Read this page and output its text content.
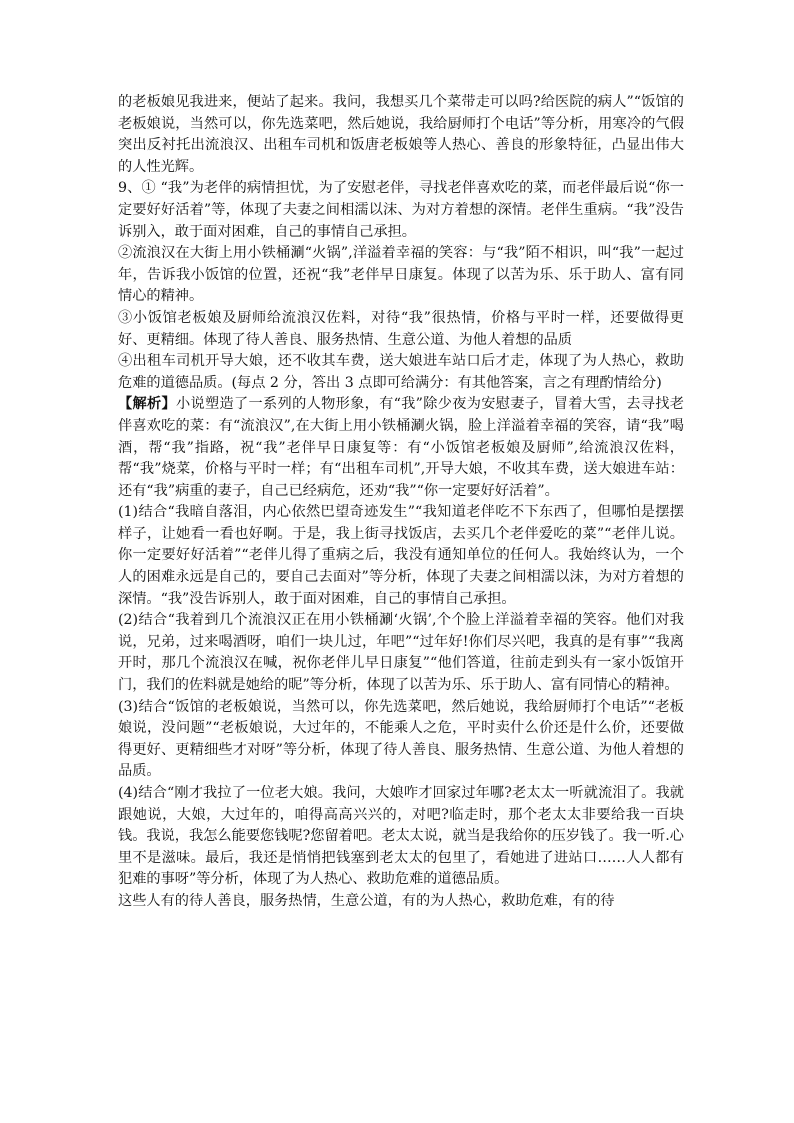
的老板娘见我进来，便站了起来。我问，我想买几个菜带走可以吗?给医院的病人”“饭馆的老板娘说，当然可以，你先选菜吧，然后她说，我给厨师打个电话”等分析，用寒冷的气假突出反衬托出流浪汉、出租车司机和饭唐老板娘等人热心、善良的形象特征，凸显出伟大的人性光辉。

9、① “我”为老伴的病情担忧，为了安慰老伴，寻找老伴喜欢吃的菜，而老伴最后说“你一定要好好活着”等，体现了夫妻之间相濡以沫、为对方着想的深情。老伴生重病。“我”没告诉别入，敢于面对困难，自己的事情自己承担。

②流浪汉在大街上用小铁桶涮“火锅”,洋溢着幸福的笑容：与“我”陌不相识，叫“我”一起过年，告诉我小饭馆的位置，还祝“我”老伴早日康复。体现了以苦为乐、乐于助人、富有同情心的精神。

③小饭馆老板娘及厨师给流浪汉佐料，对待“我”很热情，价格与平时一样，还要做得更好、更精细。体现了待人善良、服务热情、生意公道、为他人着想的品质

④出租车司机开导大娘，还不收其车费，送大娘进车站口后才走，体现了为人热心，救助危难的道德品质。(每点 2 分，答出 3 点即可给满分：有其他答案，言之有理酌情给分)

【解析】小说塑造了一系列的人物形象，有“我”除少夜为安慰妻子，冒着大雪，去寻找老伴喜欢吃的菜：有“流浪汉”,在大街上用小铁桶涮火锅，脸上洋溢着幸福的笑容，请“我”喝酒，帮“我”指路，祝“我”老伴早日康复等：有“小饭馆老板娘及厨师”,给流浪汉佐料，帮“我”烧菜，价格与平时一样；有“出租车司机”,开导大娘，不收其车费，送大娘进车站：还有“我”病重的妻子，自己已经病危，还劝“我”“你一定要好好活着”。

(1)结合“我暗自落泪，内心依然巴望奇迹发生”“我知道老伴吃不下东西了，但哪怕是摆摆样子，让她看一看也好啊。于是，我上街寻找饭店，去买几个老伴爱吃的菜”“老伴儿说。你一定要好好活着”“老伴儿得了重病之后，我没有通知单位的任何人。我始终认为，一个人的困难永远是自己的，要自己去面对”等分析，体现了夫妻之间相濡以沫，为对方着想的深情。“我”没告诉别人，敢于面对困难，自己的事情自己承担。

(2)结合“我着到几个流浪汉正在用小铁桶涮‘火锅’,个个脸上洋溢着幸福的笑容。他们对我说，兄弟，过来喝酒呀，咱们一块儿过，年吧”“过年好!你们尽兴吧，我真的是有事”“我离开时，那几个流浪汉在喊，祝你老伴儿早日康复”“他们答道，往前走到头有一家小饭馆开门，我们的佐料就是她给的昵”等分析，体现了以苦为乐、乐于助人、富有同情心的精神。

(3)结合“饭馆的老板娘说，当然可以，你先选菜吧，然后她说，我给厨师打个电话”“老板娘说，没问题”“老板娘说，大过年的，不能乘人之危，平时卖什么价还是什么价，还要做得更好、更精细些才对呀”等分析，体现了待人善良、服务热情、生意公道、为他人着想的品质。

(4)结合“刚才我拉了一位老大娘。我问，大娘咋才回家过年哪?老太太一听就流泪了。我就跟她说，大娘，大过年的，咱得高高兴兴的，对吧?临走时，那个老太太非要给我一百块钱。我说，我怎么能要您钱呢?您留着吧。老太太说，就当是我给你的压岁钱了。我一听.心里不是滋味。最后，我还是悄悄把钱塞到老太太的包里了，看她进了进站口……人人都有犯难的事呀”等分析，体现了为人热心、救助危难的道德品质。

这些人有的待人善良，服务热情，生意公道，有的为人热心，救助危难，有的待
